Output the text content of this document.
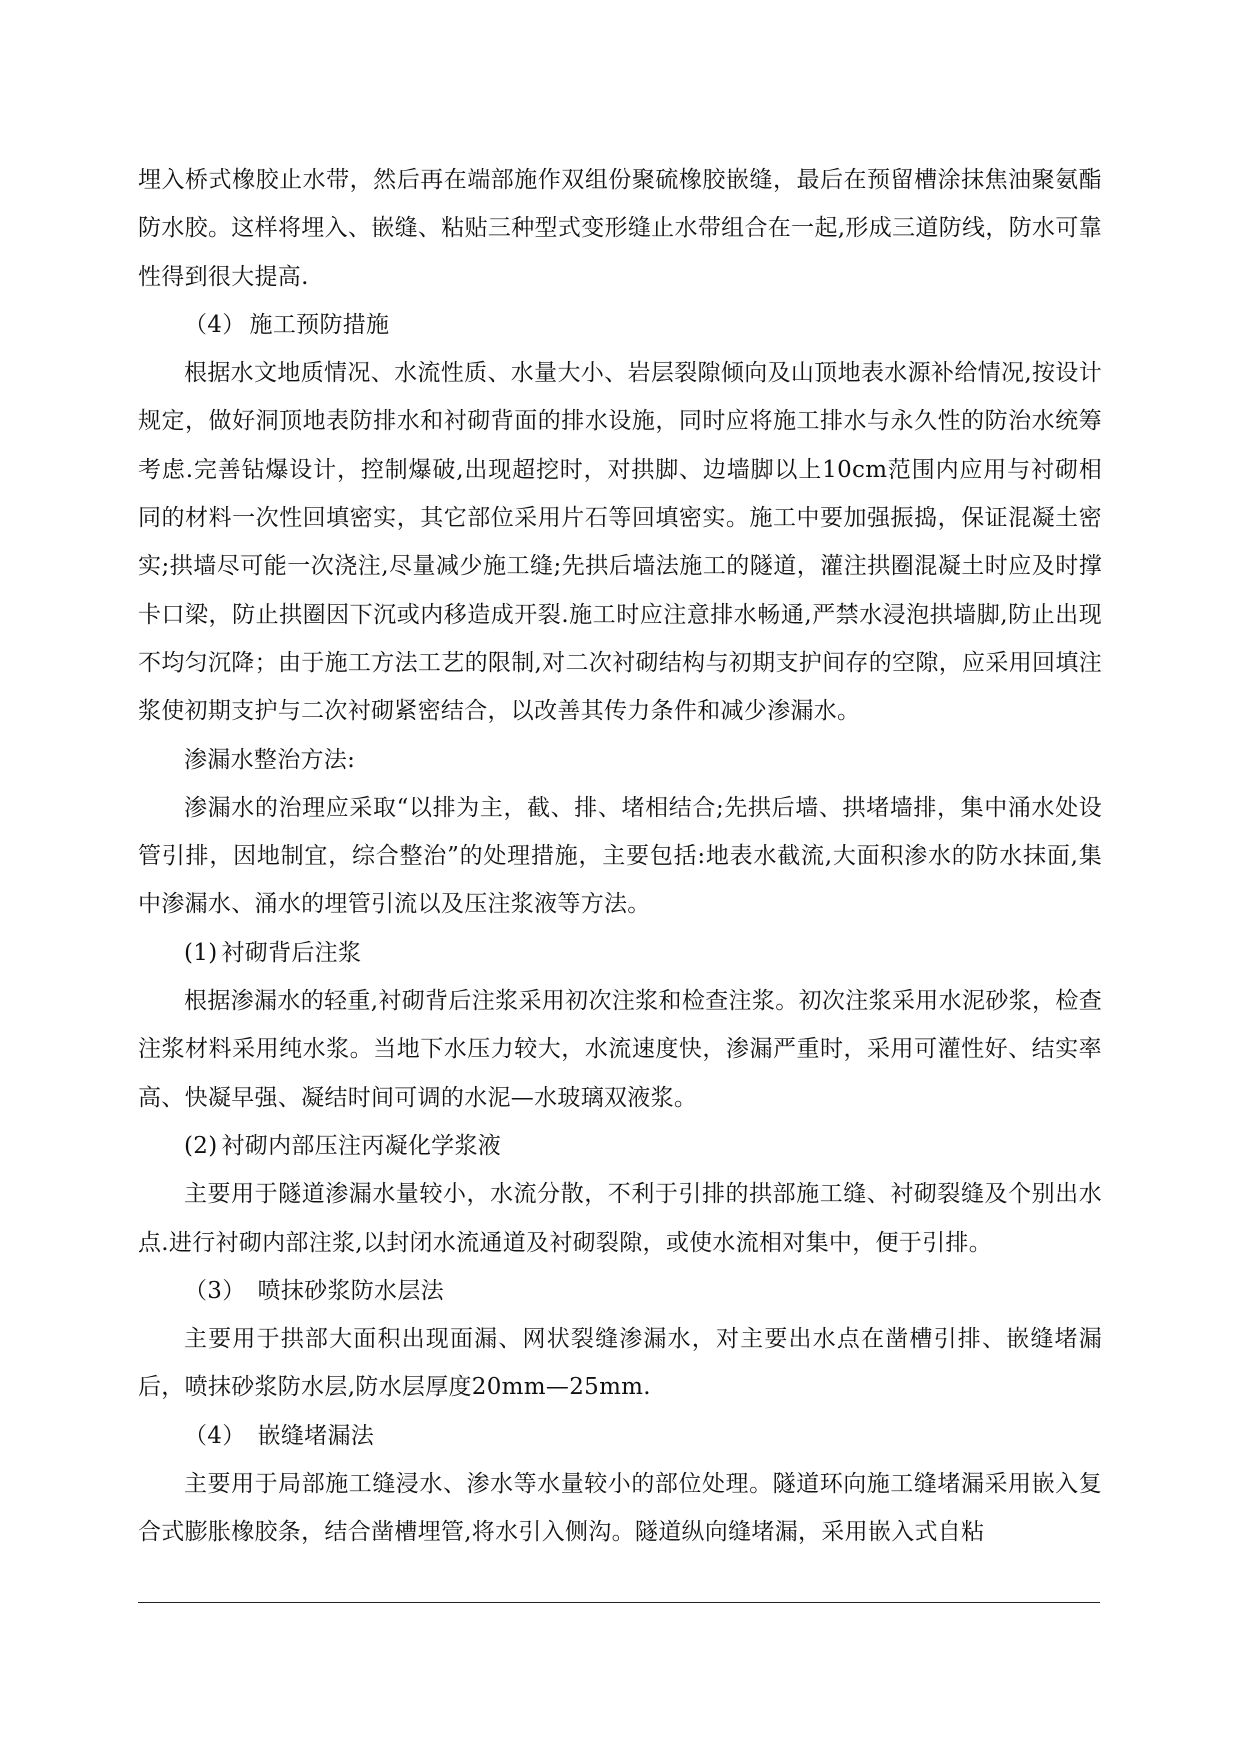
埋入桥式橡胶止水带，然后再在端部施作双组份聚硫橡胶嵌缝，最后在预留槽涂抹焦油聚氨酯防水胶。这样将埋入、嵌缝、粘贴三种型式变形缝止水带组合在一起,形成三道防线，防水可靠性得到很大提高.

（4） 施工预防措施

根据水文地质情况、水流性质、水量大小、岩层裂隙倾向及山顶地表水源补给情况,按设计规定，做好洞顶地表防排水和衬砌背面的排水设施，同时应将施工排水与永久性的防治水统筹考虑.完善钻爆设计，控制爆破,出现超挖时，对拱脚、边墙脚以上10cm范围内应用与衬砌相同的材料一次性回填密实，其它部位采用片石等回填密实。施工中要加强振捣，保证混凝土密实;拱墙尽可能一次浇注,尽量减少施工缝;先拱后墙法施工的隧道，灌注拱圈混凝土时应及时撑卡口梁，防止拱圈因下沉或内移造成开裂.施工时应注意排水畅通,严禁水浸泡拱墙脚,防止出现不均匀沉降；由于施工方法工艺的限制,对二次衬砌结构与初期支护间存的空隙，应采用回填注浆使初期支护与二次衬砌紧密结合，以改善其传力条件和减少渗漏水。

渗漏水整治方法:

渗漏水的治理应采取“以排为主，截、排、堵相结合;先拱后墙、拱堵墙排，集中涌水处设管引排，因地制宜，综合整治”的处理措施，主要包括:地表水截流,大面积渗水的防水抹面,集中渗漏水、涌水的埋管引流以及压注浆液等方法。

(1) 衬砌背后注浆

根据渗漏水的轻重,衬砌背后注浆采用初次注浆和检查注浆。初次注浆采用水泥砂浆，检查注浆材料采用纯水浆。当地下水压力较大，水流速度快，渗漏严重时，采用可灌性好、结实率高、快凝早强、凝结时间可调的水泥—水玻璃双液浆。

(2) 衬砌内部压注丙凝化学浆液

主要用于隧道渗漏水量较小，水流分散，不利于引排的拱部施工缝、衬砌裂缝及个别出水点.进行衬砌内部注浆,以封闭水流通道及衬砌裂隙，或使水流相对集中，便于引排。

（3） 喷抹砂浆防水层法

主要用于拱部大面积出现面漏、网状裂缝渗漏水，对主要出水点在凿槽引排、嵌缝堵漏后，喷抹砂浆防水层,防水层厚度20mm—25mm.

（4） 嵌缝堵漏法

主要用于局部施工缝浸水、渗水等水量较小的部位处理。隧道环向施工缝堵漏采用嵌入复合式膨胀橡胶条，结合凿槽埋管,将水引入侧沟。隧道纵向缝堵漏，采用嵌入式自粘
